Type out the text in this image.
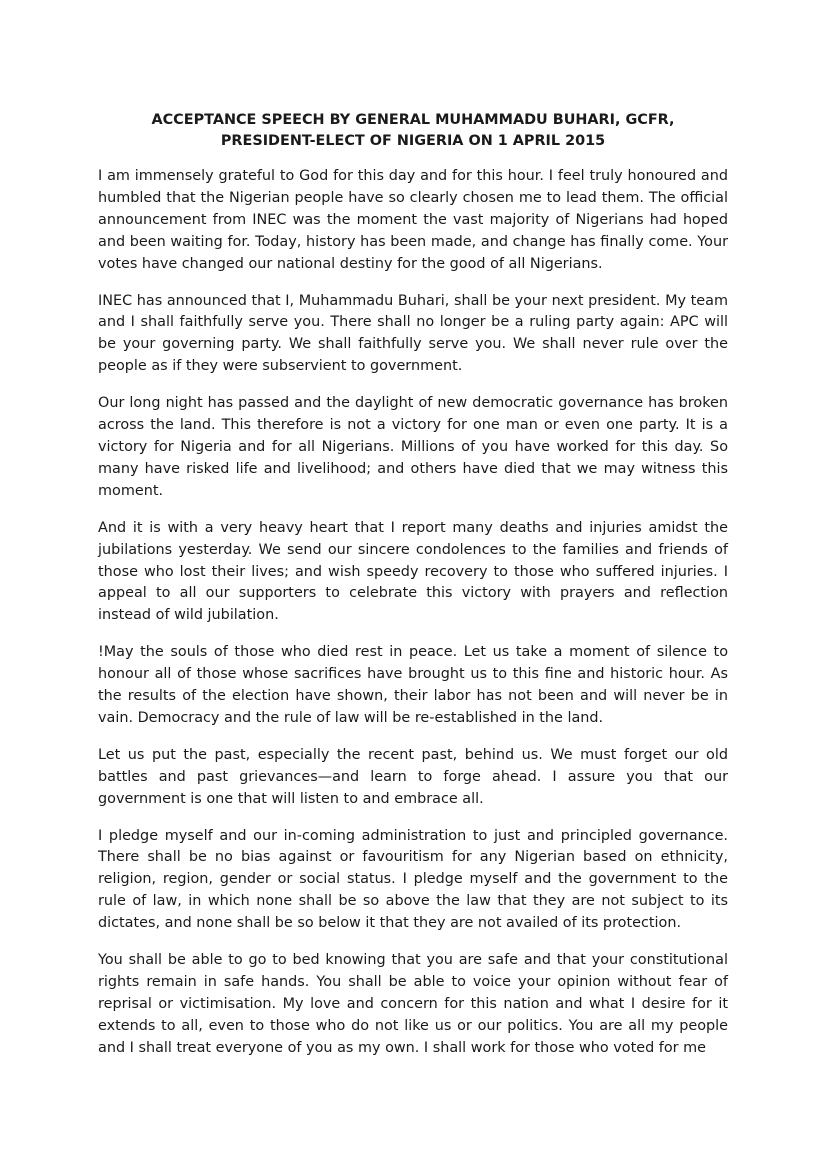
ACCEPTANCE SPEECH BY GENERAL MUHAMMADU BUHARI, GCFR,
PRESIDENT-ELECT OF NIGERIA ON 1 APRIL 2015

I am immensely grateful to God for this day and for this hour. I feel truly honoured and humbled that the Nigerian people have so clearly chosen me to lead them. The official announcement from INEC was the moment the vast majority of Nigerians had hoped and been waiting for. Today, history has been made, and change has finally come. Your votes have changed our national destiny for the good of all Nigerians.

INEC has announced that I, Muhammadu Buhari, shall be your next president. My team and I shall faithfully serve you. There shall no longer be a ruling party again: APC will be your governing party. We shall faithfully serve you. We shall never rule over the people as if they were subservient to government.

Our long night has passed and the daylight of new democratic governance has broken across the land. This therefore is not a victory for one man or even one party. It is a victory for Nigeria and for all Nigerians. Millions of you have worked for this day. So many have risked life and livelihood; and others have died that we may witness this moment.

And it is with a very heavy heart that I report many deaths and injuries amidst the jubilations yesterday. We send our sincere condolences to the families and friends of those who lost their lives; and wish speedy recovery to those who suffered injuries. I appeal to all our supporters to celebrate this victory with prayers and reflection instead of wild jubilation.

!May the souls of those who died rest in peace. Let us take a moment of silence to honour all of those whose sacrifices have brought us to this fine and historic hour. As the results of the election have shown, their labor has not been and will never be in vain. Democracy and the rule of law will be re-established in the land.

Let us put the past, especially the recent past, behind us. We must forget our old battles and past grievances—and learn to forge ahead. I assure you that our government is one that will listen to and embrace all.

I pledge myself and our in-coming administration to just and principled governance. There shall be no bias against or favouritism for any Nigerian based on ethnicity, religion, region, gender or social status. I pledge myself and the government to the rule of law, in which none shall be so above the law that they are not subject to its dictates, and none shall be so below it that they are not availed of its protection.

You shall be able to go to bed knowing that you are safe and that your constitutional rights remain in safe hands. You shall be able to voice your opinion without fear of reprisal or victimisation. My love and concern for this nation and what I desire for it extends to all, even to those who do not like us or our politics. You are all my people and I shall treat everyone of you as my own. I shall work for those who voted for me
